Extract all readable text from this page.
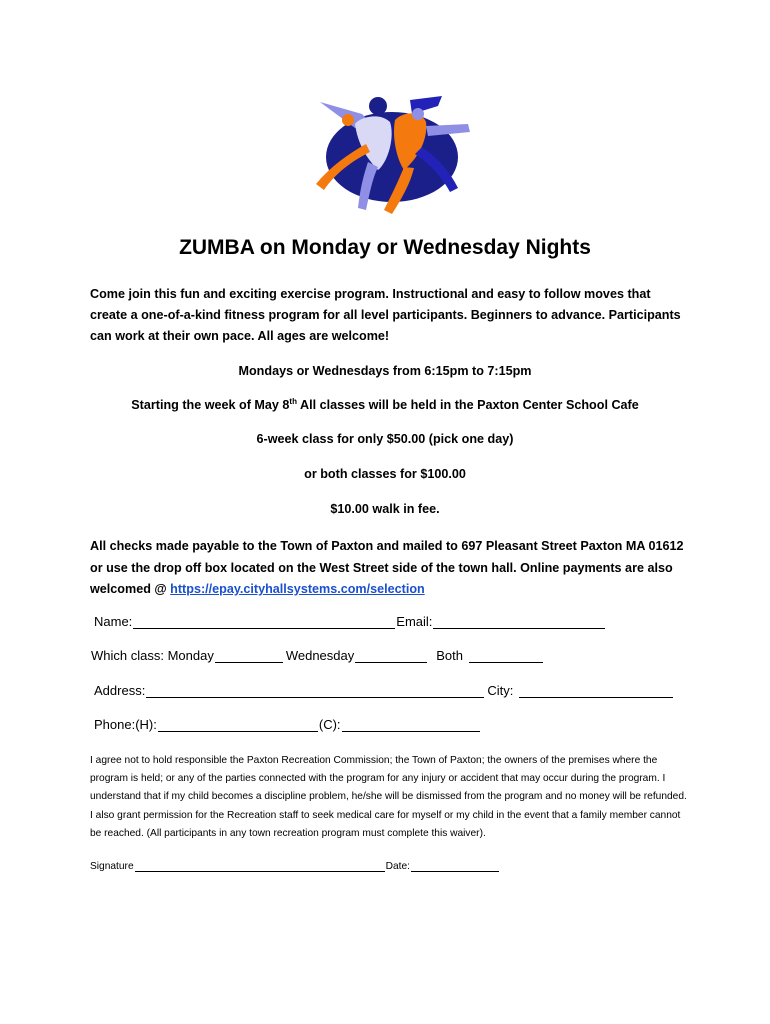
ZUMBA on Monday or Wednesday Nights
Come join this fun and exciting exercise program. Instructional and easy to follow moves that create a one-of-a-kind fitness program for all level participants. Beginners to advance. Participants can work at their own pace. All ages are welcome!
Mondays or Wednesdays from 6:15pm to 7:15pm
Starting the week of May 8th All classes will be held in the Paxton Center School Cafe
6-week class for only $50.00 (pick one day)
or both classes for $100.00
$10.00 walk in fee.
All checks made payable to the Town of Paxton and mailed to 697 Pleasant Street Paxton MA 01612 or use the drop off box located on the West Street side of the town hall. Online payments are also welcomed @ https://epay.cityhallsystems.com/selection
Name:	Email:
Which class: Monday	Wednesday	Both
Address:	City:
Phone:(H):	(C):
I agree not to hold responsible the Paxton Recreation Commission; the Town of Paxton; the owners of the premises where the program is held; or any of the parties connected with the program for any injury or accident that may occur during the program. I understand that if my child becomes a discipline problem, he/she will be dismissed from the program and no money will be refunded. I also grant permission for the Recreation staff to seek medical care for myself or my child in the event that a family member cannot be reached. (All participants in any town recreation program must complete this waiver).
Signature	Date:
